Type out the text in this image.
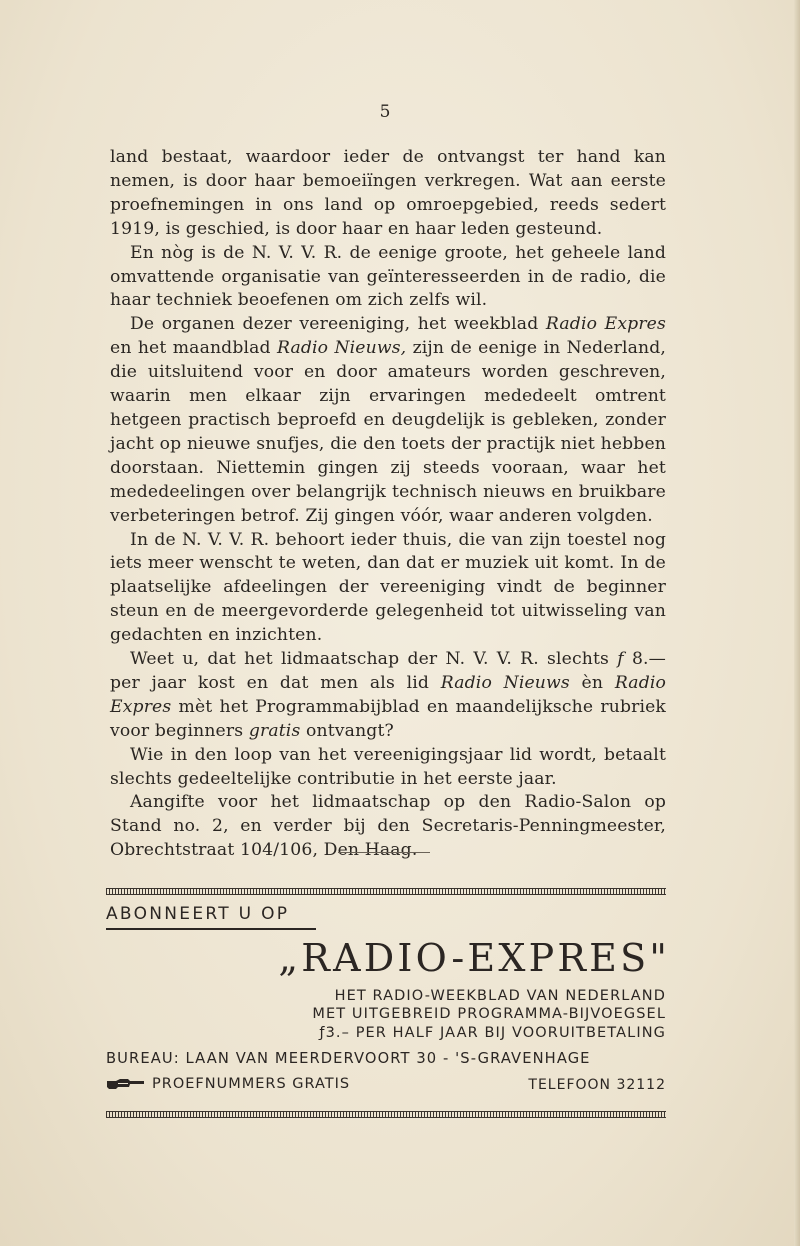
5

land bestaat, waardoor ieder de ontvangst ter hand kan nemen, is door haar bemoeiïngen verkregen. Wat aan eerste proefnemingen in ons land op omroepgebied, reeds sedert 1919, is geschied, is door haar en haar leden gesteund.

En nòg is de N. V. V. R. de eenige groote, het geheele land omvattende organisatie van geïnteresseerden in de radio, die haar techniek beoefenen om zich zelfs wil.

De organen dezer vereeniging, het weekblad Radio Expres en het maandblad Radio Nieuws, zijn de eenige in Nederland, die uitsluitend voor en door amateurs worden geschreven, waarin men elkaar zijn ervaringen mededeelt omtrent hetgeen practisch beproefd en deugdelijk is gebleken, zonder jacht op nieuwe snufjes, die den toets der practijk niet hebben doorstaan. Niettemin gingen zij steeds vooraan, waar het mededeelingen over belangrijk technisch nieuws en bruikbare verbeteringen betrof. Zij gingen vóór, waar anderen volgden.

In de N. V. V. R. behoort ieder thuis, die van zijn toestel nog iets meer wenscht te weten, dan dat er muziek uit komt. In de plaatselijke afdeelingen der vereeniging vindt de beginner steun en de meergevorderde gelegenheid tot uitwisseling van gedachten en inzichten.

Weet u, dat het lidmaatschap der N. V. V. R. slechts f 8.— per jaar kost en dat men als lid Radio Nieuws èn Radio Expres mèt het Programmabijblad en maandelijksche rubriek voor beginners gratis ontvangt?

Wie in den loop van het vereenigingsjaar lid wordt, betaalt slechts gedeeltelijke contributie in het eerste jaar.

Aangifte voor het lidmaatschap op den Radio-Salon op Stand no. 2, en verder bij den Secretaris-Penningmeester, Obrechtstraat 104/106, Den Haag.

ABONNEERT U OP
„RADIO-EXPRES"
HET RADIO-WEEKBLAD VAN NEDERLAND
MET UITGEBREID PROGRAMMA-BIJVOEGSEL
ƒ3.– PER HALF JAAR BIJ VOORUITBETALING
BUREAU: LAAN VAN MEERDERVOORT 30 - 'S-GRAVENHAGE
PROEFNUMMERS GRATIS	TELEFOON 32112
